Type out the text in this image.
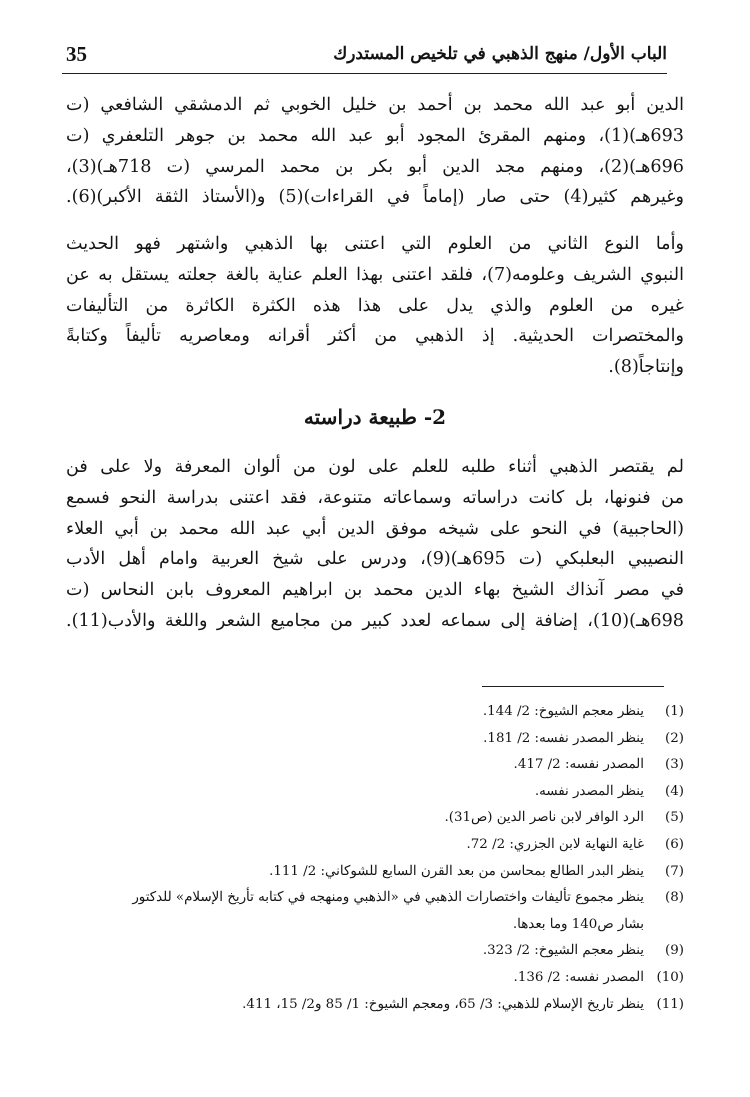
35	الباب الأول/ منهج الذهبي في تلخيص المستدرك
الدين أبو عبد الله محمد بن أحمد بن خليل الخوبي ثم الدمشقي الشافعي (ت
693هـ)(1)، ومنهم المقرئ المجود أبو عبد الله محمد بن جوهر التلعفري (ت
696هـ)(2)، ومنهم مجد الدين أبو بكر بن محمد المرسي (ت 718هـ)(3)،
وغيرهم كثير(4) حتى صار (إماماً في القراءات)(5) و(الأستاذ الثقة الأكبر)(6).
وأما النوع الثاني من العلوم التي اعتنى بها الذهبي واشتهر فهو الحديث
النبوي الشريف وعلومه(7)، فلقد اعتنى بهذا العلم عناية بالغة جعلته يستقل به عن
غيره من العلوم والذي يدل على هذا هذه الكثرة الكاثرة من التأليفات
والمختصرات الحديثية. إذ الذهبي من أكثر أقرانه ومعاصريه تأليفاً وكتابةً
وإنتاجاً(8).
2- طبيعة دراسته
لم يقتصر الذهبي أثناء طلبه للعلم على لون من ألوان المعرفة ولا على فن
من فنونها، بل كانت دراساته وسماعاته متنوعة، فقد اعتنى بدراسة النحو فسمع
(الحاجبية) في النحو على شيخه موفق الدين أبي عبد الله محمد بن أبي العلاء
النصيبي البعلبكي (ت 695هـ)(9)، ودرس على شيخ العربية وامام أهل الأدب
في مصر آنذاك الشيخ بهاء الدين محمد بن ابراهيم المعروف بابن النحاس (ت
698هـ)(10)، إضافة إلى سماعه لعدد كبير من مجاميع الشعر واللغة والأدب(11).
(1)
ينظر معجم الشيوخ: 2/ 144.
(2)
ينظر المصدر نفسه: 2/ 181.
(3)
المصدر نفسه: 2/ 417.
(4)
ينظر المصدر نفسه.
(5)
الرد الوافر لابن ناصر الدين (ص31).
(6)
غاية النهاية لابن الجزري: 2/ 72.
(7)
ينظر البدر الطالع بمحاسن من بعد القرن السابع للشوكاني: 2/ 111.
(8)
ينظر مجموع تأليفات واختصارات الذهبي في «الذهبي ومنهجه في كتابه تأريخ الإسلام» للدكتور
بشار ص140 وما بعدها.
(9)
ينظر معجم الشيوخ: 2/ 323.
(10)
المصدر نفسه: 2/ 136.
(11)
ينظر تاريخ الإسلام للذهبي: 3/ 65، ومعجم الشيوخ: 1/ 85 و2/ 15، 411.
